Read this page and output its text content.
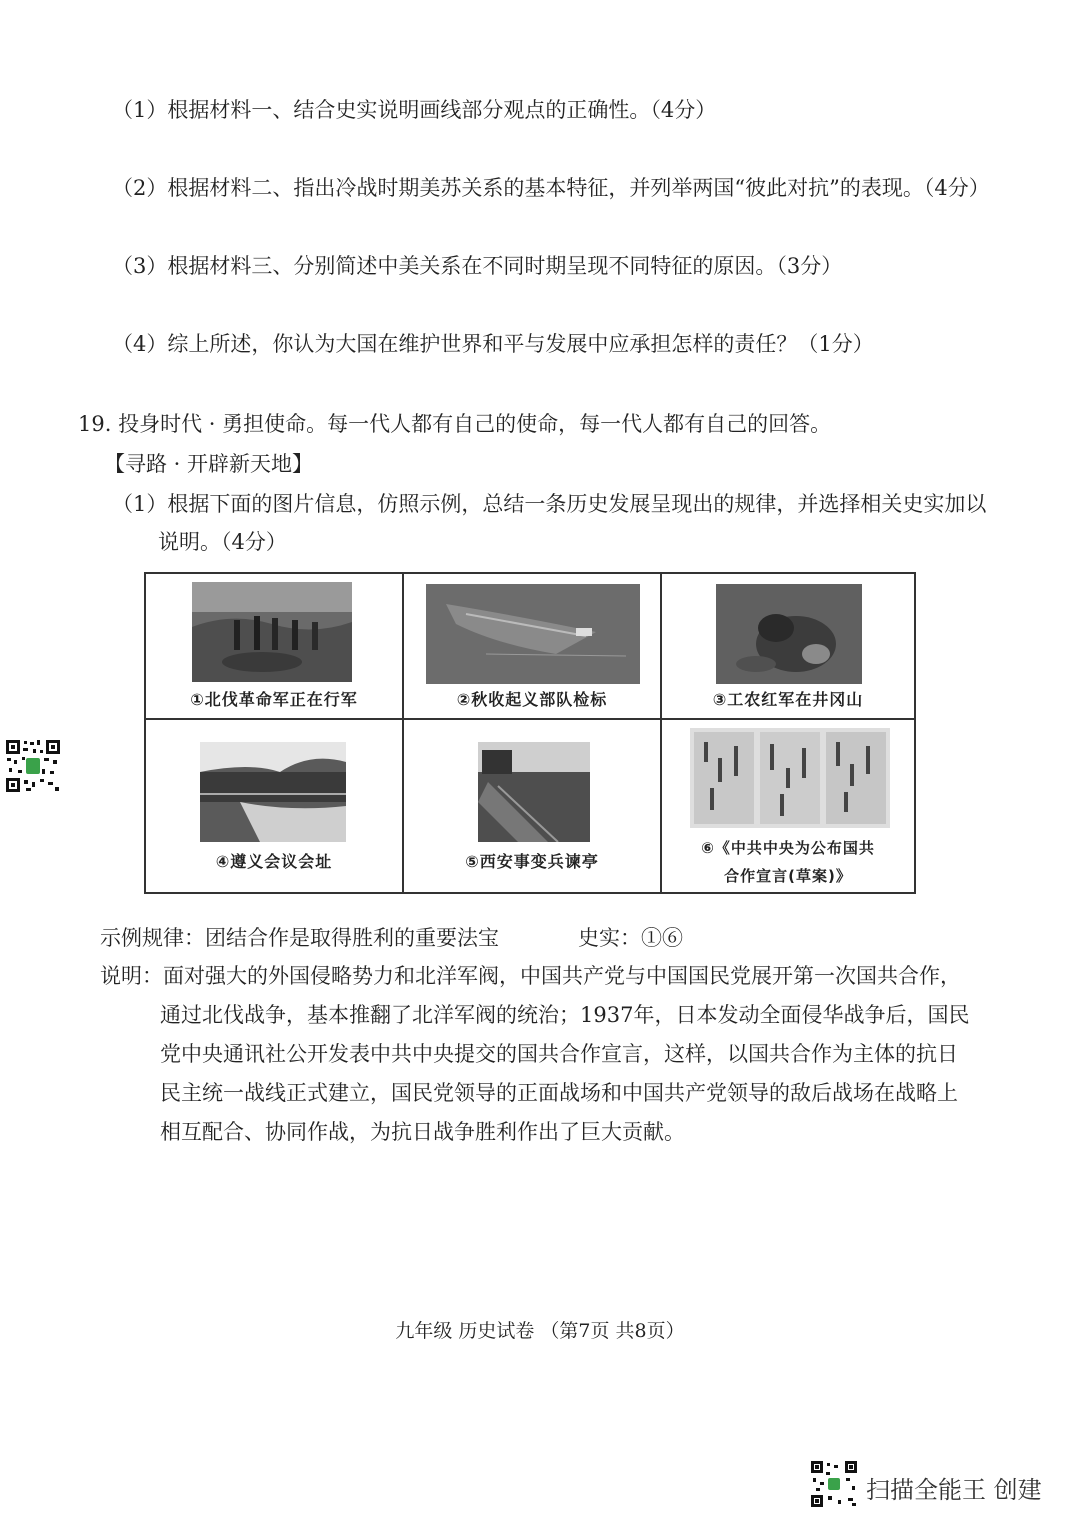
（1）根据材料一、结合史实说明画线部分观点的正确性。（4分）
（2）根据材料二、指出冷战时期美苏关系的基本特征，并列举两国“彼此对抗”的表现。（4分）
（3）根据材料三、分别简述中美关系在不同时期呈现不同特征的原因。（3分）
（4）综上所述，你认为大国在维护世界和平与发展中应承担怎样的责任？（1分）
19. 投身时代 · 勇担使命。每一代人都有自己的使命，每一代人都有自己的回答。
【寻路 · 开辟新天地】
（1）根据下面的图片信息，仿照示例，总结一条历史发展呈现出的规律，并选择相关史实加以
说明。（4分）
①北伐革命军正在行军	②秋收起义部队检标	③工农红军在井冈山
④遵义会议会址	⑤西安事变兵谏亭
⑥《中共中央为公布国共
合作宣言(草案)》
示例规律：团结合作是取得胜利的重要法宝	史实：①⑥
说明：面对强大的外国侵略势力和北洋军阀，中国共产党与中国国民党展开第一次国共合作，
通过北伐战争，基本推翻了北洋军阀的统治；1937年，日本发动全面侵华战争后，国民
党中央通讯社公开发表中共中央提交的国共合作宣言，这样，以国共合作为主体的抗日
民主统一战线正式建立，国民党领导的正面战场和中国共产党领导的敌后战场在战略上
相互配合、协同作战，为抗日战争胜利作出了巨大贡献。
九年级 历史试卷 （第7页 共8页）
扫描全能王 创建
